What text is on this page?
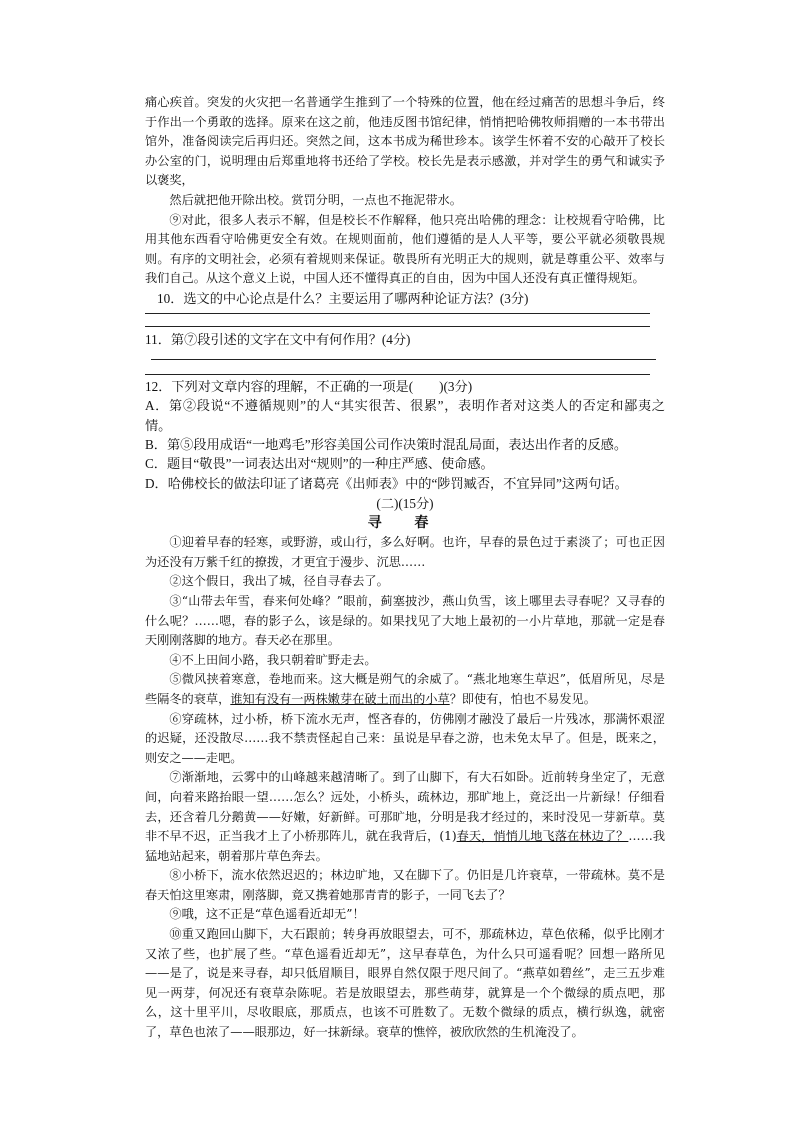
痛心疾首。突发的火灾把一名普通学生推到了一个特殊的位置，他在经过痛苦的思想斗争后，终于作出一个勇敢的选择。原来在这之前，他违反图书馆纪律，悄悄把哈佛牧师捐赠的一本书带出馆外，准备阅读完后再归还。突然之间，这本书成为稀世珍本。该学生怀着不安的心敲开了校长办公室的门，说明理由后郑重地将书还给了学校。校长先是表示感激，并对学生的勇气和诚实予以褒奖，
然后就把他开除出校。赏罚分明，一点也不拖泥带水。

⑨对此，很多人表示不解，但是校长不作解释，他只亮出哈佛的理念：让校规看守哈佛，比用其他东西看守哈佛更安全有效。在规则面前，他们遵循的是人人平等，要公平就必须敬畏规则。有序的文明社会，必须有着规则来保证。敬畏所有光明正大的规则，就是尊重公平、效率与我们自己。从这个意义上说，中国人还不懂得真正的自由，因为中国人还没有真正懂得规矩。

10．选文的中心论点是什么？主要运用了哪两种论证方法？(3分)

11．第⑦段引述的文字在文中有何作用？(4分)

12．下列对文章内容的理解，不正确的一项是( )(3分)

A．第②段说“不遵循规则”的人“其实很苦、很累”，表明作者对这类人的否定和鄙夷之情。

B．第⑤段用成语“一地鸡毛”形容美国公司作决策时混乱局面，表达出作者的反感。

C．题目“敬畏”一词表达出对“规则”的一种庄严感、使命感。

D．哈佛校长的做法印证了诸葛亮《出师表》中的“陟罚臧否，不宜异同”这两句话。

(二)(15分)

寻 春

①迎着早春的轻寒，或野游，或山行，多么好啊。也许，早春的景色过于素淡了；可也正因为还没有万紫千红的撩拨，才更宜于漫步、沉思……

②这个假日，我出了城，径自寻春去了。

③“山带去年雪，春来何处峰？”眼前，蓟塞披沙，燕山负雪，该上哪里去寻春呢？又寻春的什么呢？……嗯，春的影子么，该是绿的。如果找见了大地上最初的一小片草地，那就一定是春天刚刚落脚的地方。春天必在那里。

④不上田间小路，我只朝着旷野走去。

⑤微风挟着寒意，卷地而来。这大概是朔气的余威了。“燕北地寒生草迟”，低眉所见，尽是些隔冬的衰草，谁知有没有一两株嫩芽在破土而出的小草？即使有，怕也不易发见。

⑥穿疏林，过小桥，桥下流水无声，悭吝春的，仿佛刚才融没了最后一片残冰，那满怀艰涩的迟疑，还没散尽……我不禁责怪起自己来：虽说是早春之游，也未免太早了。但是，既来之，则安之——走吧。

⑦渐渐地，云雾中的山峰越来越清晰了。到了山脚下，有大石如卧。近前转身坐定了，无意间，向着来路抬眼一望……怎么？远处，小桥头，疏林边，那旷地上，竟泛出一片新绿！仔细看去，还含着几分鹅黄——好嫩，好新鲜。可那旷地，分明是我才经过的，来时没见一芽新草。莫非不早不迟，正当我才上了小桥那阵儿，就在我背后，(1)春天，悄悄儿地飞落在林边了？……我猛地站起来，朝着那片草色奔去。

⑧小桥下，流水依然迟迟的；林边旷地，又在脚下了。仍旧是几许衰草，一带疏林。莫不是春天怕这里寒肃，刚落脚，竟又携着她那青青的影子，一同飞去了？

⑨哦，这不正是“草色遥看近却无”！

⑩重又跑回山脚下，大石跟前；转身再放眼望去，可不，那疏林边，草色依稀，似乎比刚才又浓了些，也扩展了些。“草色遥看近却无”，这早春草色，为什么只可遥看呢？回想一路所见——是了，说是来寻春，却只低眉顺目，眼界自然仅限于咫尺间了。“燕草如碧丝”，走三五步难见一两芽，何况还有衰草杂陈呢。若是放眼望去，那些萌芽，就算是一个个微绿的质点吧，那么，这十里平川，尽收眼底，那质点，也该不可胜数了。无数个微绿的质点，横行纵逸，就密了，草色也浓了——眼那边，好一抹新绿。衰草的憔悴，被欣欣然的生机淹没了。
